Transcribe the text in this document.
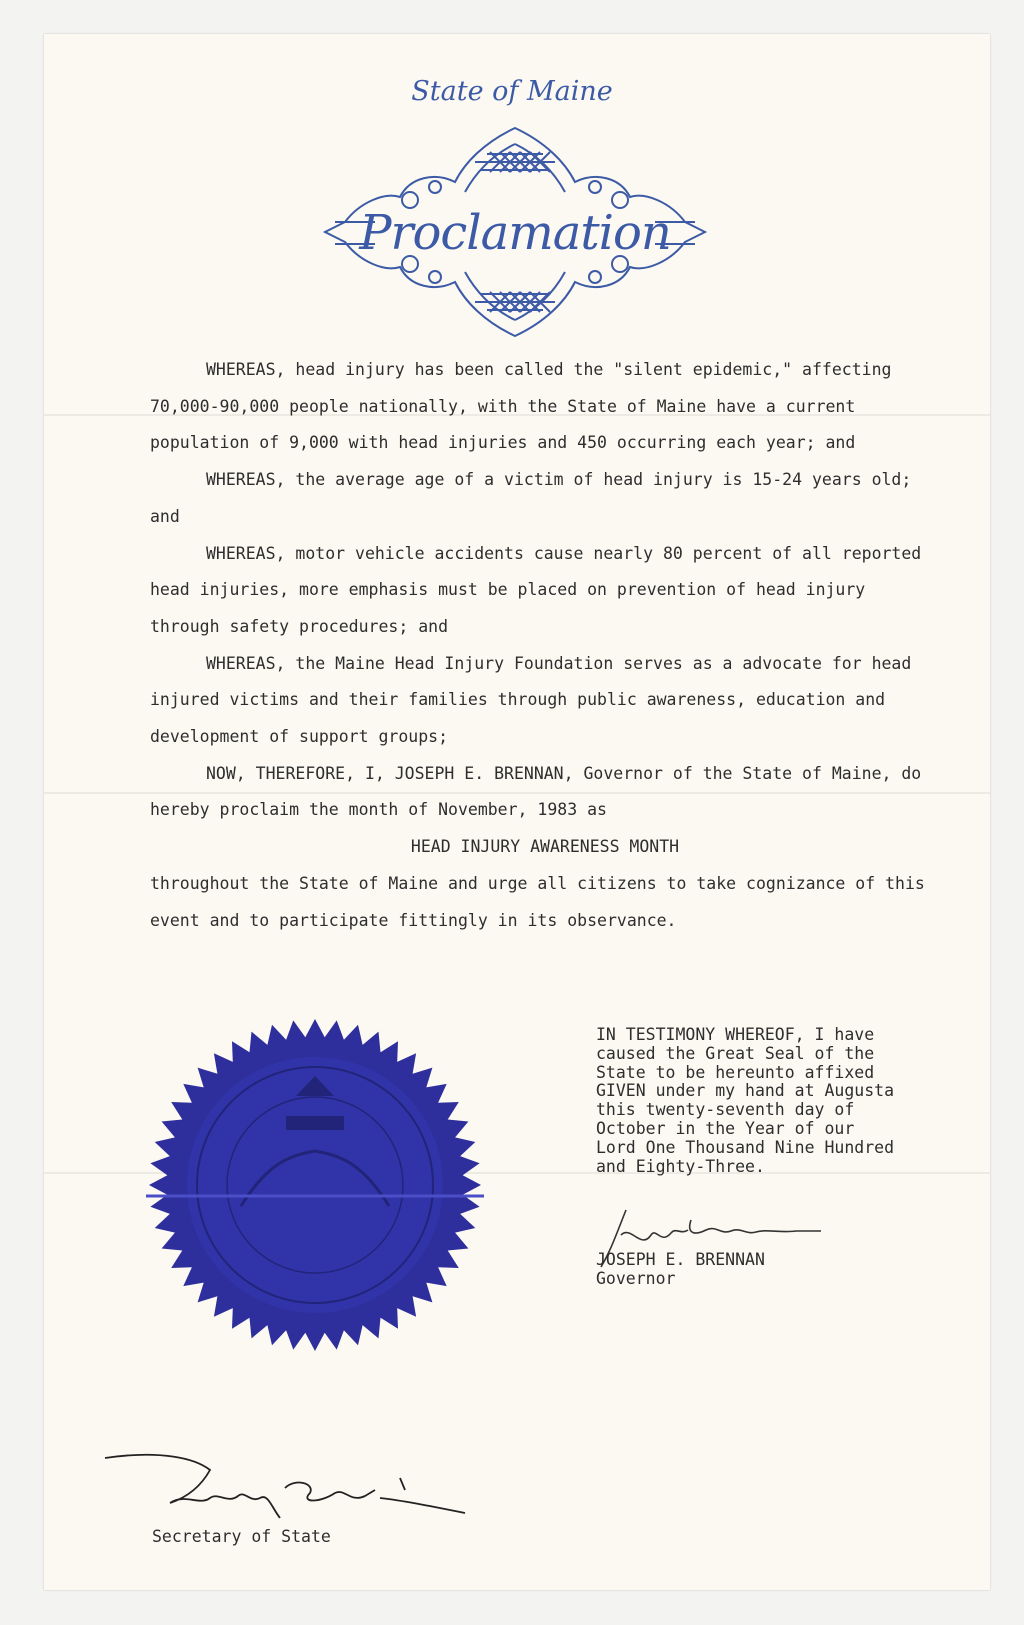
State of Maine
Proclamation

WHEREAS, head injury has been called the "silent epidemic," affecting 70,000-90,000 people nationally, with the State of Maine have a current population of 9,000 with head injuries and 450 occurring each year; and

WHEREAS, the average age of a victim of head injury is 15-24 years old; and

WHEREAS, motor vehicle accidents cause nearly 80 percent of all reported head injuries, more emphasis must be placed on prevention of head injury through safety procedures; and

WHEREAS, the Maine Head Injury Foundation serves as a advocate for head injured victims and their families through public awareness, education and development of support groups;

NOW, THEREFORE, I, JOSEPH E. BRENNAN, Governor of the State of Maine, do hereby proclaim the month of November, 1983 as

HEAD INJURY AWARENESS MONTH

throughout the State of Maine and urge all citizens to take cognizance of this event and to participate fittingly in its observance.

IN TESTIMONY WHEREOF, I have
caused the Great Seal of the
State to be hereunto affixed
GIVEN under my hand at Augusta
this twenty-seventh day of
October in the Year of our
Lord One Thousand Nine Hundred
and Eighty-Three.
JOSEPH E. BRENNAN
Governor
Secretary of State
